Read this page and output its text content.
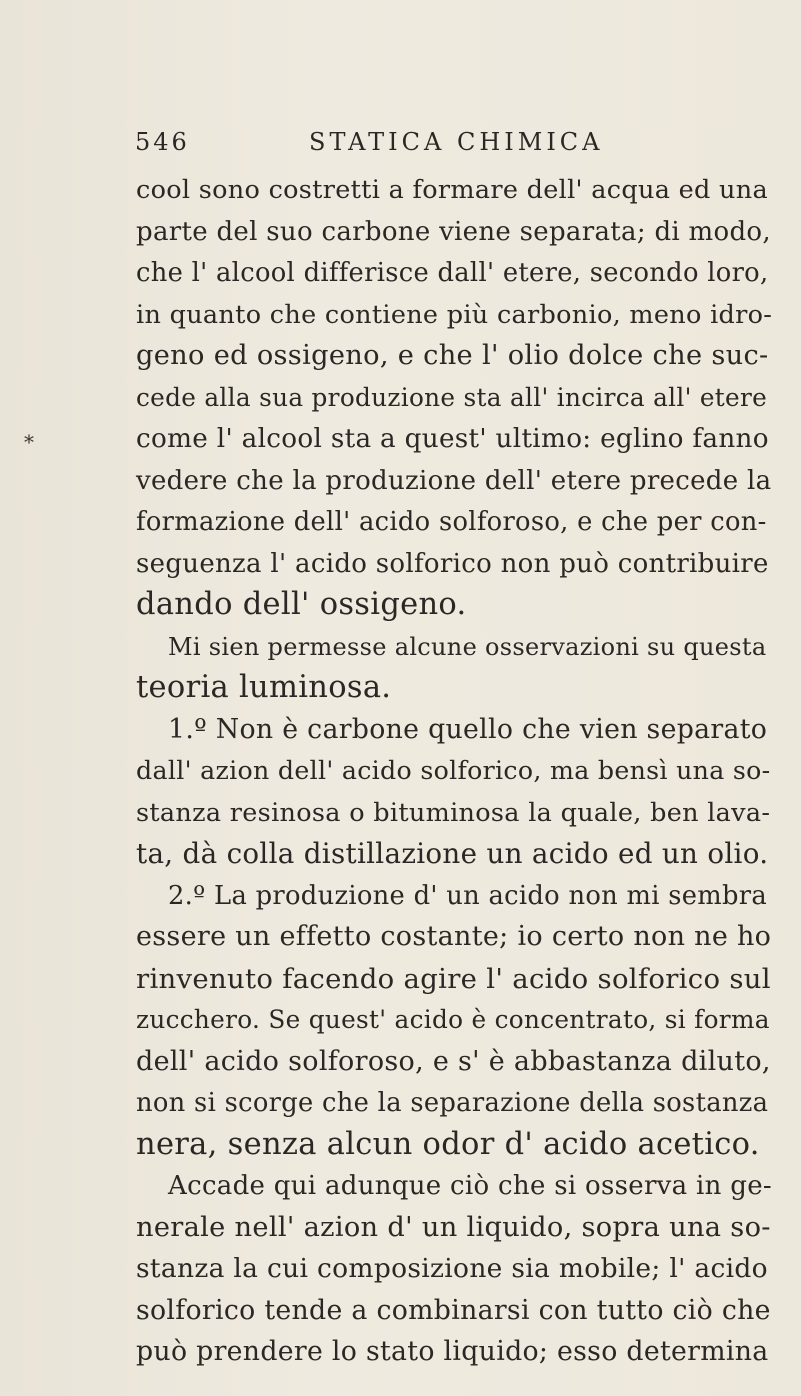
546	STATICA CHIMICA
*
cool sono costretti a formare dell' acqua ed una
parte del suo carbone viene separata; di modo,
che l' alcool differisce dall' etere, secondo loro,
in quanto che contiene più carbonio, meno idro-
geno ed ossigeno, e che l' olio dolce che suc-
cede alla sua produzione sta all' incirca all' etere
come l' alcool sta a quest' ultimo: eglino fanno
vedere che la produzione dell' etere precede la
formazione dell' acido solforoso, e che per con-
seguenza l' acido solforico non può contribuire
dando dell' ossigeno.
Mi sien permesse alcune osservazioni su questa
teoria luminosa.
1.º Non è carbone quello che vien separato
dall' azion dell' acido solforico, ma bensì una so-
stanza resinosa o bituminosa la quale, ben lava-
ta, dà colla distillazione un acido ed un olio.
2.º La produzione d' un acido non mi sembra
essere un effetto costante; io certo non ne ho
rinvenuto facendo agire l' acido solforico sul
zucchero. Se quest' acido è concentrato, si forma
dell' acido solforoso, e s' è abbastanza diluto,
non si scorge che la separazione della sostanza
nera, senza alcun odor d' acido acetico.
Accade qui adunque ciò che si osserva in ge-
nerale nell' azion d' un liquido, sopra una so-
stanza la cui composizione sia mobile; l' acido
solforico tende a combinarsi con tutto ciò che
può prendere lo stato liquido; esso determina
